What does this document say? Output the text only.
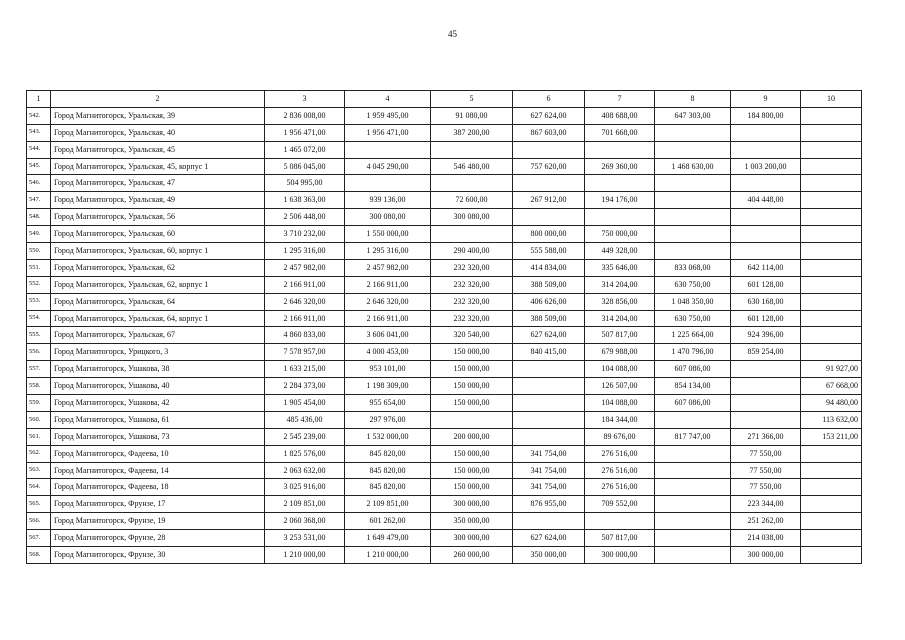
45
1	2	3	4	5	6	7	8	9	10
542.	Город Магнитогорск, Уральская, 39	2 836 008,00	1 959 495,00	91 080,00	627 624,00	408 688,00	647 303,00	184 800,00	
543.	Город Магнитогорск, Уральская, 40	1 956 471,00	1 956 471,00	387 200,00	867 603,00	701 668,00			
544.	Город Магнитогорск, Уральская, 45	1 465 072,00							
545.	Город Магнитогорск, Уральская, 45, корпус 1	5 086 045,00	4 045 290,00	546 480,00	757 620,00	269 360,00	1 468 630,00	1 003 200,00	
546.	Город Магнитогорск, Уральская, 47	504 995,00							
547.	Город Магнитогорск, Уральская, 49	1 638 363,00	939 136,00	72 600,00	267 912,00	194 176,00		404 448,00	
548.	Город Магнитогорск, Уральская, 56	2 506 448,00	300 080,00	300 080,00					
549.	Город Магнитогорск, Уральская, 60	3 710 232,00	1 550 000,00		800 000,00	750 000,00			
550.	Город Магнитогорск, Уральская, 60, корпус 1	1 295 316,00	1 295 316,00	290 400,00	555 588,00	449 328,00			
551.	Город Магнитогорск, Уральская, 62	2 457 982,00	2 457 982,00	232 320,00	414 834,00	335 646,00	833 068,00	642 114,00	
552.	Город Магнитогорск, Уральская, 62, корпус 1	2 166 911,00	2 166 911,00	232 320,00	388 509,00	314 204,00	630 750,00	601 128,00	
553.	Город Магнитогорск, Уральская, 64	2 646 320,00	2 646 320,00	232 320,00	406 626,00	328 856,00	1 048 350,00	630 168,00	
554.	Город Магнитогорск, Уральская, 64, корпус 1	2 166 911,00	2 166 911,00	232 320,00	388 509,00	314 204,00	630 750,00	601 128,00	
555.	Город Магнитогорск, Уральская, 67	4 860 833,00	3 606 041,00	320 540,00	627 624,00	507 817,00	1 225 664,00	924 396,00	
556.	Город Магнитогорск, Урицкого, 3	7 578 957,00	4 000 453,00	150 000,00	840 415,00	679 988,00	1 470 796,00	859 254,00	
557.	Город Магнитогорск, Ушакова, 38	1 633 215,00	953 101,00	150 000,00		104 088,00	607 086,00		91 927,00
558.	Город Магнитогорск, Ушакова, 40	2 284 373,00	1 198 309,00	150 000,00		126 507,00	854 134,00		67 668,00
559.	Город Магнитогорск, Ушакова, 42	1 905 454,00	955 654,00	150 000,00		104 088,00	607 086,00		94 480,00
560.	Город Магнитогорск, Ушакова, 61	485 436,00	297 976,00			184 344,00			113 632,00
561.	Город Магнитогорск, Ушакова, 73	2 545 239,00	1 532 000,00	200 000,00		89 676,00	817 747,00	271 366,00	153 211,00
562.	Город Магнитогорск, Фадеева, 10	1 825 576,00	845 820,00	150 000,00	341 754,00	276 516,00		77 550,00	
563.	Город Магнитогорск, Фадеева, 14	2 063 632,00	845 820,00	150 000,00	341 754,00	276 516,00		77 550,00	
564.	Город Магнитогорск, Фадеева, 18	3 025 916,00	845 820,00	150 000,00	341 754,00	276 516,00		77 550,00	
565.	Город Магнитогорск, Фрунзе, 17	2 109 851,00	2 109 851,00	300 000,00	876 955,00	709 552,00		223 344,00	
566.	Город Магнитогорск, Фрунзе, 19	2 060 368,00	601 262,00	350 000,00				251 262,00	
567.	Город Магнитогорск, Фрунзе, 28	3 253 531,00	1 649 479,00	300 000,00	627 624,00	507 817,00		214 038,00	
568.	Город Магнитогорск, Фрунзе, 30	1 210 000,00	1 210 000,00	260 000,00	350 000,00	300 000,00		300 000,00	
